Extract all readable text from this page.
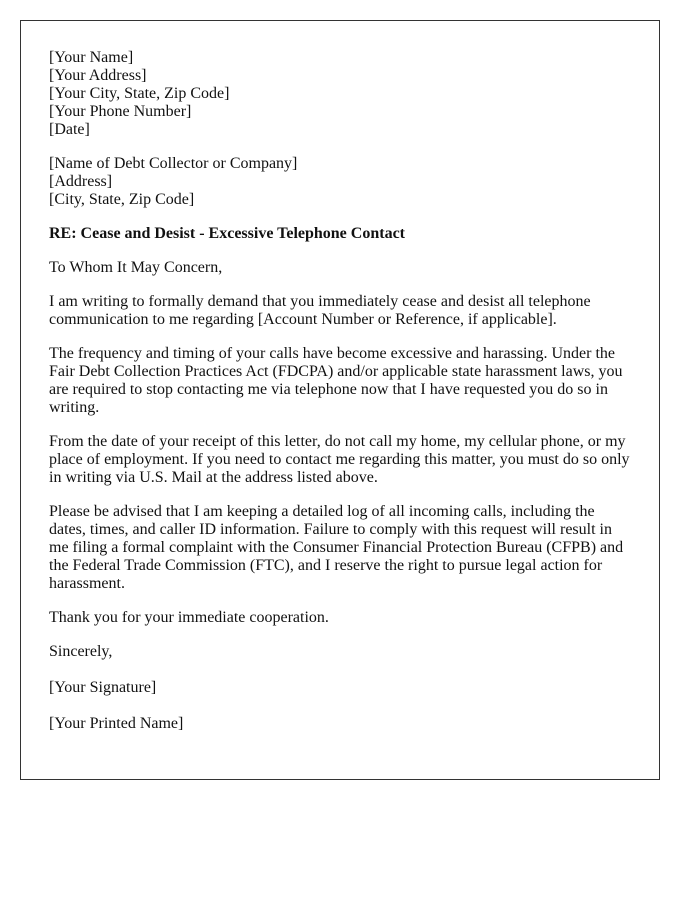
[Your Name]
[Your Address]
[Your City, State, Zip Code]
[Your Phone Number]
[Date]
[Name of Debt Collector or Company]
[Address]
[City, State, Zip Code]
RE: Cease and Desist - Excessive Telephone Contact

To Whom It May Concern,

I am writing to formally demand that you immediately cease and desist all telephone communication to me regarding [Account Number or Reference, if applicable].

The frequency and timing of your calls have become excessive and harassing. Under the Fair Debt Collection Practices Act (FDCPA) and/or applicable state harassment laws, you are required to stop contacting me via telephone now that I have requested you do so in writing.

From the date of your receipt of this letter, do not call my home, my cellular phone, or my place of employment. If you need to contact me regarding this matter, you must do so only in writing via U.S. Mail at the address listed above.

Please be advised that I am keeping a detailed log of all incoming calls, including the dates, times, and caller ID information. Failure to comply with this request will result in me filing a formal complaint with the Consumer Financial Protection Bureau (CFPB) and the Federal Trade Commission (FTC), and I reserve the right to pursue legal action for harassment.

Thank you for your immediate cooperation.

Sincerely,

[Your Signature]

[Your Printed Name]
